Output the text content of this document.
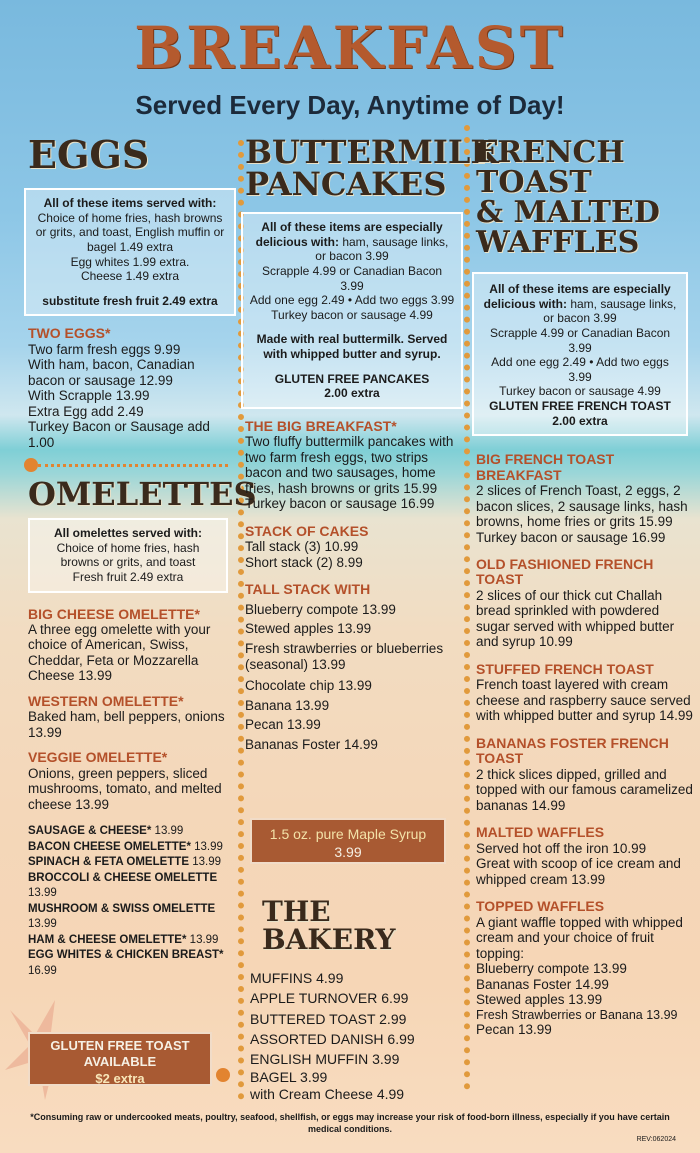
BREAKFAST
Served Every Day, Anytime of Day!
EGGS
All of these items served with: Choice of home fries, hash browns or grits, and toast, English muffin or bagel 1.49 extra
Egg whites 1.99 extra.
Cheese 1.49 extra
substitute fresh fruit 2.49 extra
TWO EGGS*
Two farm fresh eggs 9.99
With ham, bacon, Canadian bacon or sausage 12.99
With Scrapple 13.99
Extra Egg add 2.49
Turkey Bacon or Sausage add 1.00
OMELETTES
All omelettes served with:
Choice of home fries, hash browns or grits, and toast
Fresh fruit 2.49 extra
BIG CHEESE OMELETTE*
A three egg omelette with your choice of American, Swiss, Cheddar, Feta or Mozzarella Cheese 13.99
WESTERN OMELETTE*
Baked ham, bell peppers, onions 13.99
VEGGIE OMELETTE*
Onions, green peppers, sliced mushrooms, tomato, and melted cheese 13.99
SAUSAGE & CHEESE* 13.99
BACON CHEESE OMELETTE* 13.99
SPINACH & FETA OMELETTE 13.99
BROCCOLI & CHEESE OMELETTE 13.99
MUSHROOM & SWISS OMELETTE 13.99
HAM & CHEESE OMELETTE* 13.99
EGG WHITES & CHICKEN BREAST* 16.99
GLUTEN FREE TOAST
AVAILABLE
$2 extra
BUTTERMILK
PANCAKES
All of these items are especially delicious with: ham, sausage links, or bacon 3.99
Scrapple 4.99 or Canadian Bacon 3.99
Add one egg 2.49 • Add two eggs 3.99
Turkey bacon or sausage 4.99
Made with real buttermilk. Served with whipped butter and syrup.
GLUTEN FREE PANCAKES
2.00 extra
THE BIG BREAKFAST*
Two fluffy buttermilk pancakes with two farm fresh eggs, two strips bacon and two sausages, home fries, hash browns or grits 15.99
Turkey bacon or sausage 16.99
STACK OF CAKES
Tall stack (3) 10.99
Short stack (2) 8.99
TALL STACK WITH
Blueberry compote 13.99
Stewed apples 13.99
Fresh strawberries or blueberries (seasonal) 13.99
Chocolate chip 13.99
Banana 13.99
Pecan 13.99
Bananas Foster 14.99
1.5 oz. pure Maple Syrup
3.99
THE BAKERY
MUFFINS 4.99
APPLE TURNOVER 6.99
BUTTERED TOAST 2.99
ASSORTED DANISH 6.99
ENGLISH MUFFIN 3.99
BAGEL 3.99
with Cream Cheese 4.99
FRENCH TOAST
& MALTED
WAFFLES
All of these items are especially delicious with: ham, sausage links, or bacon 3.99
Scrapple 4.99 or Canadian Bacon 3.99
Add one egg 2.49 • Add two eggs 3.99
Turkey bacon or sausage 4.99
GLUTEN FREE FRENCH TOAST
2.00 extra
BIG FRENCH TOAST BREAKFAST
2 slices of French Toast, 2 eggs, 2 bacon slices, 2 sausage links, hash browns, home fries or grits 15.99
Turkey bacon or sausage 16.99
OLD FASHIONED FRENCH TOAST
2 slices of our thick cut Challah bread sprinkled with powdered sugar served with whipped butter and syrup 10.99
STUFFED FRENCH TOAST
French toast layered with cream cheese and raspberry sauce served with whipped butter and syrup 14.99
BANANAS FOSTER FRENCH TOAST
2 thick slices dipped, grilled and topped with our famous caramelized bananas 14.99
MALTED WAFFLES
Served hot off the iron 10.99
Great with scoop of ice cream and whipped cream 13.99
TOPPED WAFFLES
A giant waffle topped with whipped cream and your choice of fruit topping:
Blueberry compote 13.99
Bananas Foster 14.99
Stewed apples 13.99
Fresh Strawberries or Banana 13.99
Pecan 13.99
*Consuming raw or undercooked meats, poultry, seafood, shellfish, or eggs may increase your risk of food-born illness, especially if you have certain medical conditions.
REV:062024
